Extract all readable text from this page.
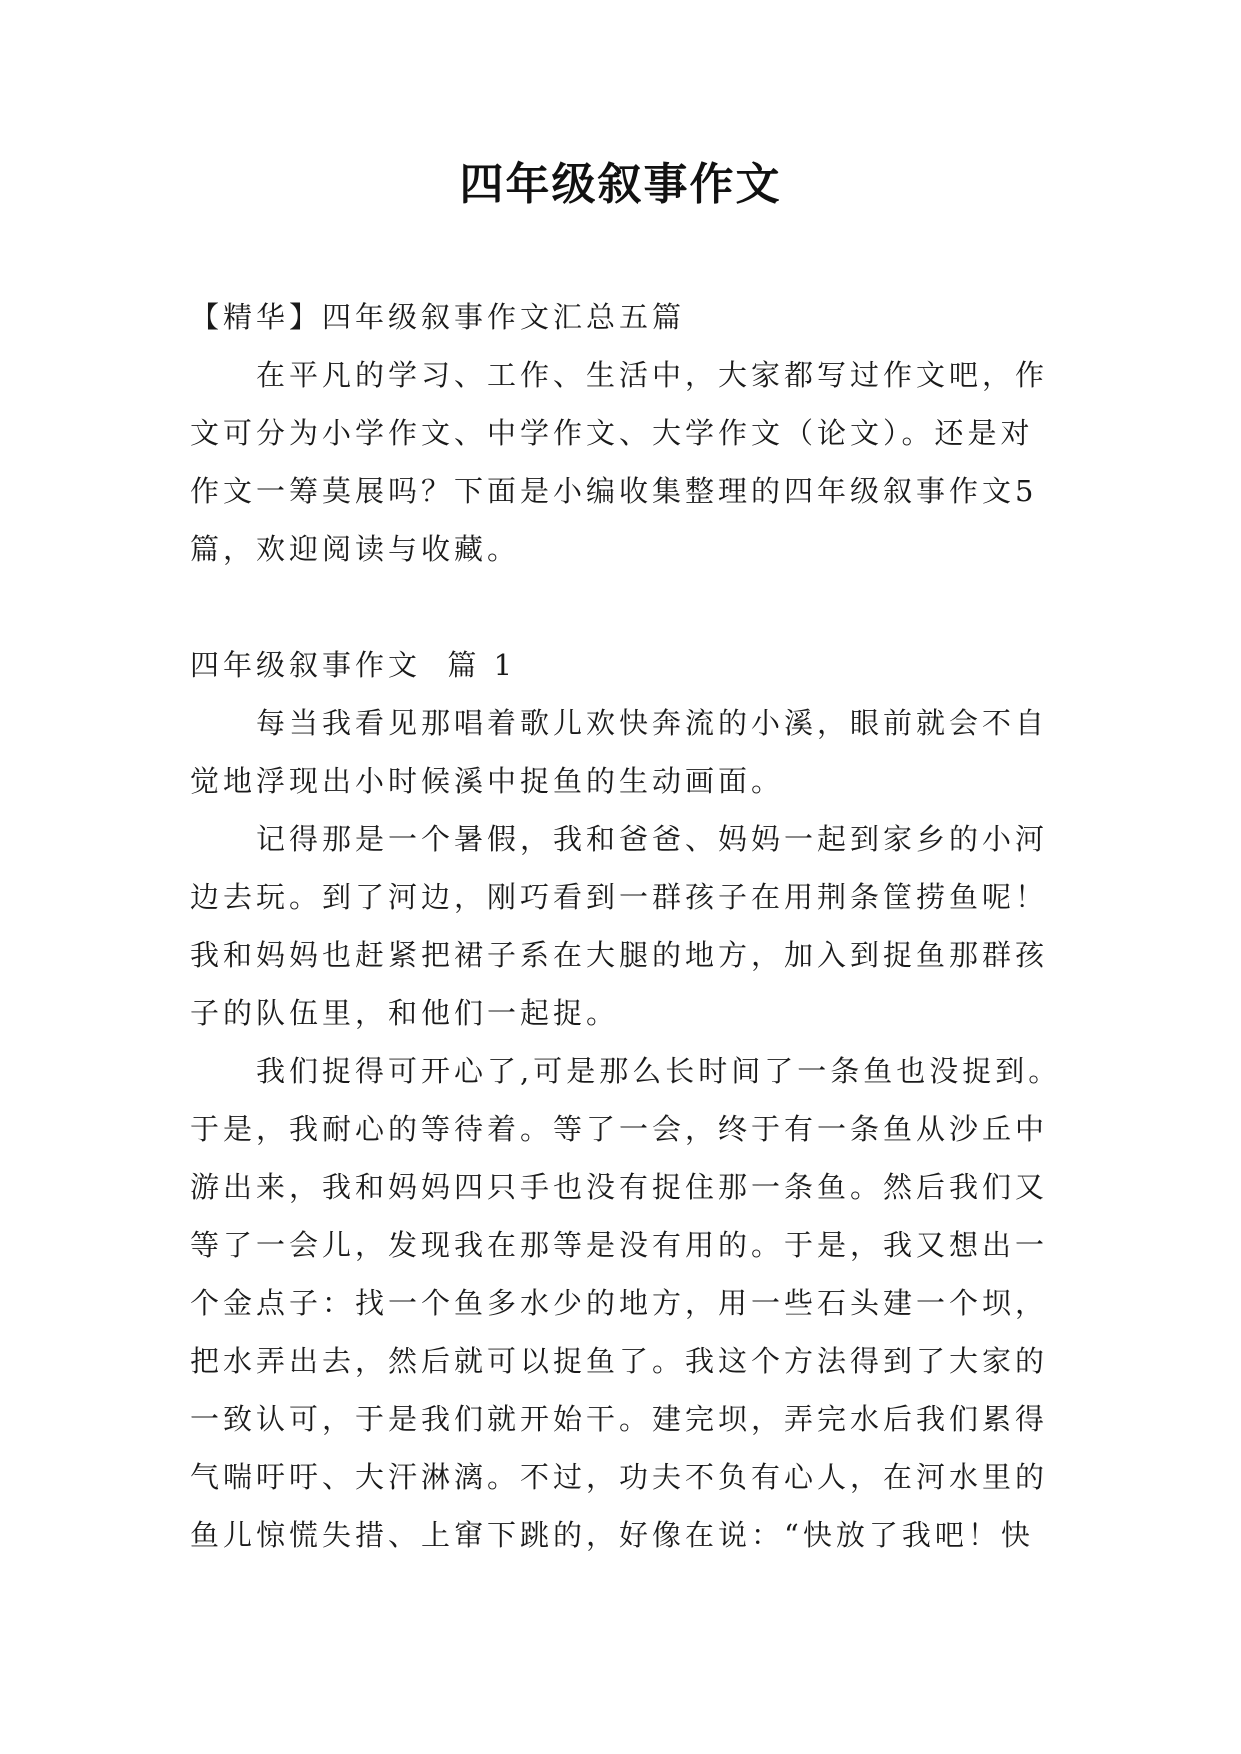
四年级叙事作文

【精华】四年级叙事作文汇总五篇

在平凡的学习、工作、生活中，大家都写过作文吧，作

文可分为小学作文、中学作文、大学作文（论文）。还是对

作文一筹莫展吗？下面是小编收集整理的四年级叙事作文5

篇，欢迎阅读与收藏。

四年级叙事作文  篇 1

每当我看见那唱着歌儿欢快奔流的小溪，眼前就会不自

觉地浮现出小时候溪中捉鱼的生动画面。

记得那是一个暑假，我和爸爸、妈妈一起到家乡的小河

边去玩。到了河边，刚巧看到一群孩子在用荆条筐捞鱼呢！

我和妈妈也赶紧把裙子系在大腿的地方，加入到捉鱼那群孩

子的队伍里，和他们一起捉。

我们捉得可开心了,可是那么长时间了一条鱼也没捉到。

于是，我耐心的等待着。等了一会，终于有一条鱼从沙丘中

游出来，我和妈妈四只手也没有捉住那一条鱼。然后我们又

等了一会儿，发现我在那等是没有用的。于是，我又想出一

个金点子：找一个鱼多水少的地方，用一些石头建一个坝，

把水弄出去，然后就可以捉鱼了。我这个方法得到了大家的

一致认可，于是我们就开始干。建完坝，弄完水后我们累得

气喘吁吁、大汗淋漓。不过，功夫不负有心人，在河水里的

鱼儿惊慌失措、上窜下跳的，好像在说：“快放了我吧！快
